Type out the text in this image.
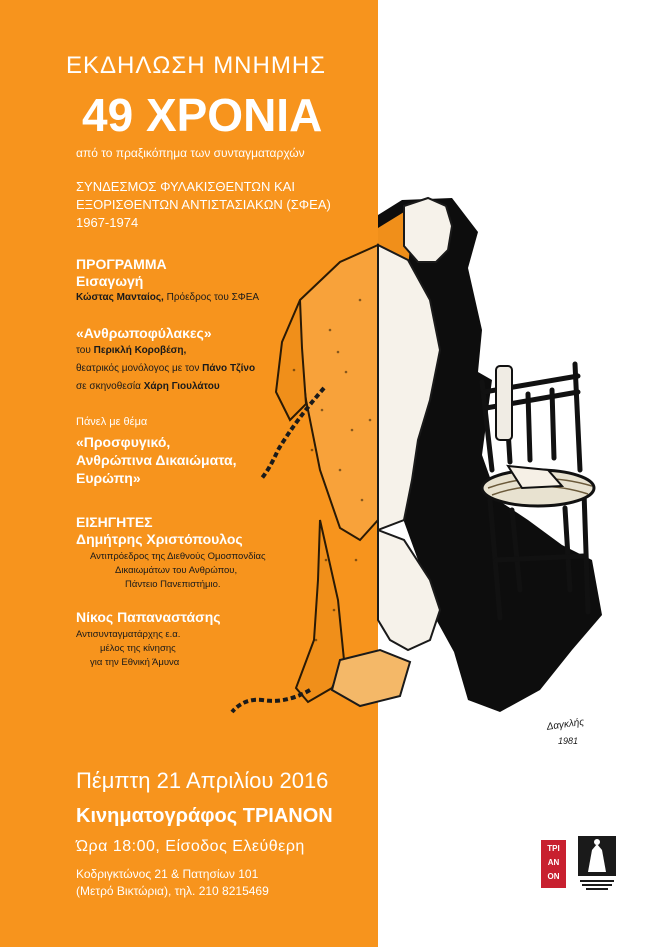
Δαγκλής
1981
ΕΚΔΗΛΩΣΗ ΜΝΗΜΗΣ
49 ΧΡΟΝΙΑ
από το πραξικόπημα των συνταγματαρχών
ΣΥΝΔΕΣΜΟΣ ΦΥΛΑΚΙΣΘΕΝΤΩΝ ΚΑΙ
ΕΞΟΡΙΣΘΕΝΤΩΝ ΑΝΤΙΣΤΑΣΙΑΚΩΝ (ΣΦΕΑ)
1967-1974
ΠΡΟΓΡΑΜΜΑ
Εισαγωγή
Κώστας Μανταίος, Πρόεδρος του ΣΦΕΑ
«Ανθρωποφύλακες»
του Περικλή Κοροβέση,
θεατρικός μονόλογος με τον Πάνο Τζίνο
σε σκηνοθεσία Χάρη Γιουλάτου
Πάνελ με θέμα
«Προσφυγικό,
Ανθρώπινα Δικαιώματα,
Ευρώπη»
ΕΙΣΗΓΗΤΕΣ
Δημήτρης Χριστόπουλος
Αντιπρόεδρος της Διεθνούς Ομοσπονδίας
Δικαιωμάτων του Ανθρώπου,
Πάντειο Πανεπιστήμιο.
Νίκος Παπαναστάσης
Αντισυνταγματάρχης ε.α.
μέλος της κίνησης
για την Εθνική Άμυνα
Πέμπτη 21 Απριλίου 2016
Κινηματογράφος ΤΡΙΑΝΟΝ
Ώρα 18:00, Είσοδος Ελεύθερη
Κοδριγκτώνος 21 & Πατησίων 101
(Μετρό Βικτώρια), τηλ. 210 8215469
ΤΡΙ
ΑΝ
ΟΝ
